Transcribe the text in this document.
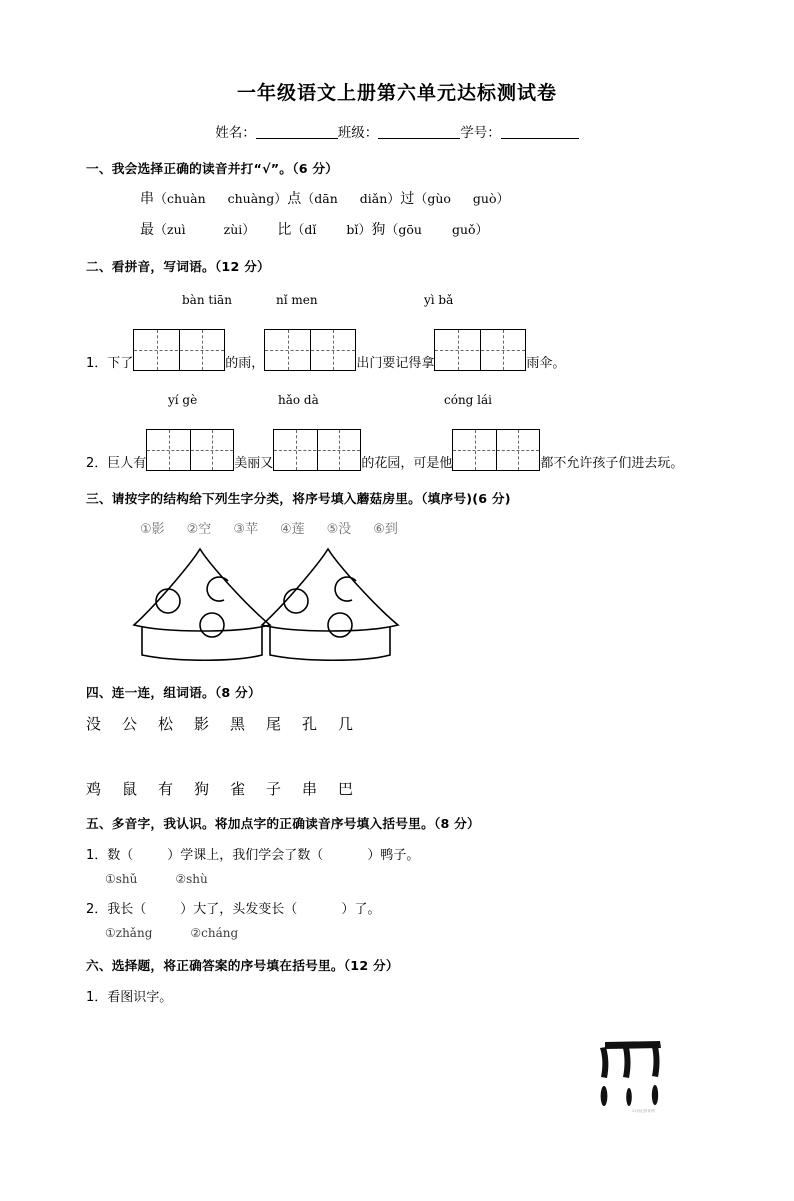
一年级语文上册第六单元达标测试卷
姓名：	班级：	学号：
一、我会选择正确的读音并打“√”。（6 分）
串（chuàn chuàng）点（dān diǎn）过（gùo guò）
最（zuì	zùi） 比（dǐ bǐ）狗（gōu guǒ）
二、看拼音，写词语。（12 分）
bàn tiān	nǐ men	yì bǎ
1． 下了	的雨，	出门要记得拿	雨伞。
yí gè	hǎo dà	cóng lái
2． 巨人有	美丽又	的花园，可是他	都不允许孩子们进去玩。
三、请按字的结构给下列生字分类，将序号填入蘑菇房里。（填序号)(6 分)
①影 ②空 ③苹 ④莲 ⑤没 ⑥到
四、连一连，组词语。（8 分）
没 公 松 影 黑 尾 孔 几
鸡 鼠 有 狗 雀 子 串 巴
五、多音字，我认识。将加点字的正确读音序号填入括号里。（8 分）
1．数（	）学课上，我们学会了数（	）鸭子。
①shǔ	②shù
2．我长（	）大了，头发变长（	）了。
①zhǎng	②cháng
六、选择题，将正确答案的序号填在括号里。（12 分）
1．看图识字。
21世纪教育网
